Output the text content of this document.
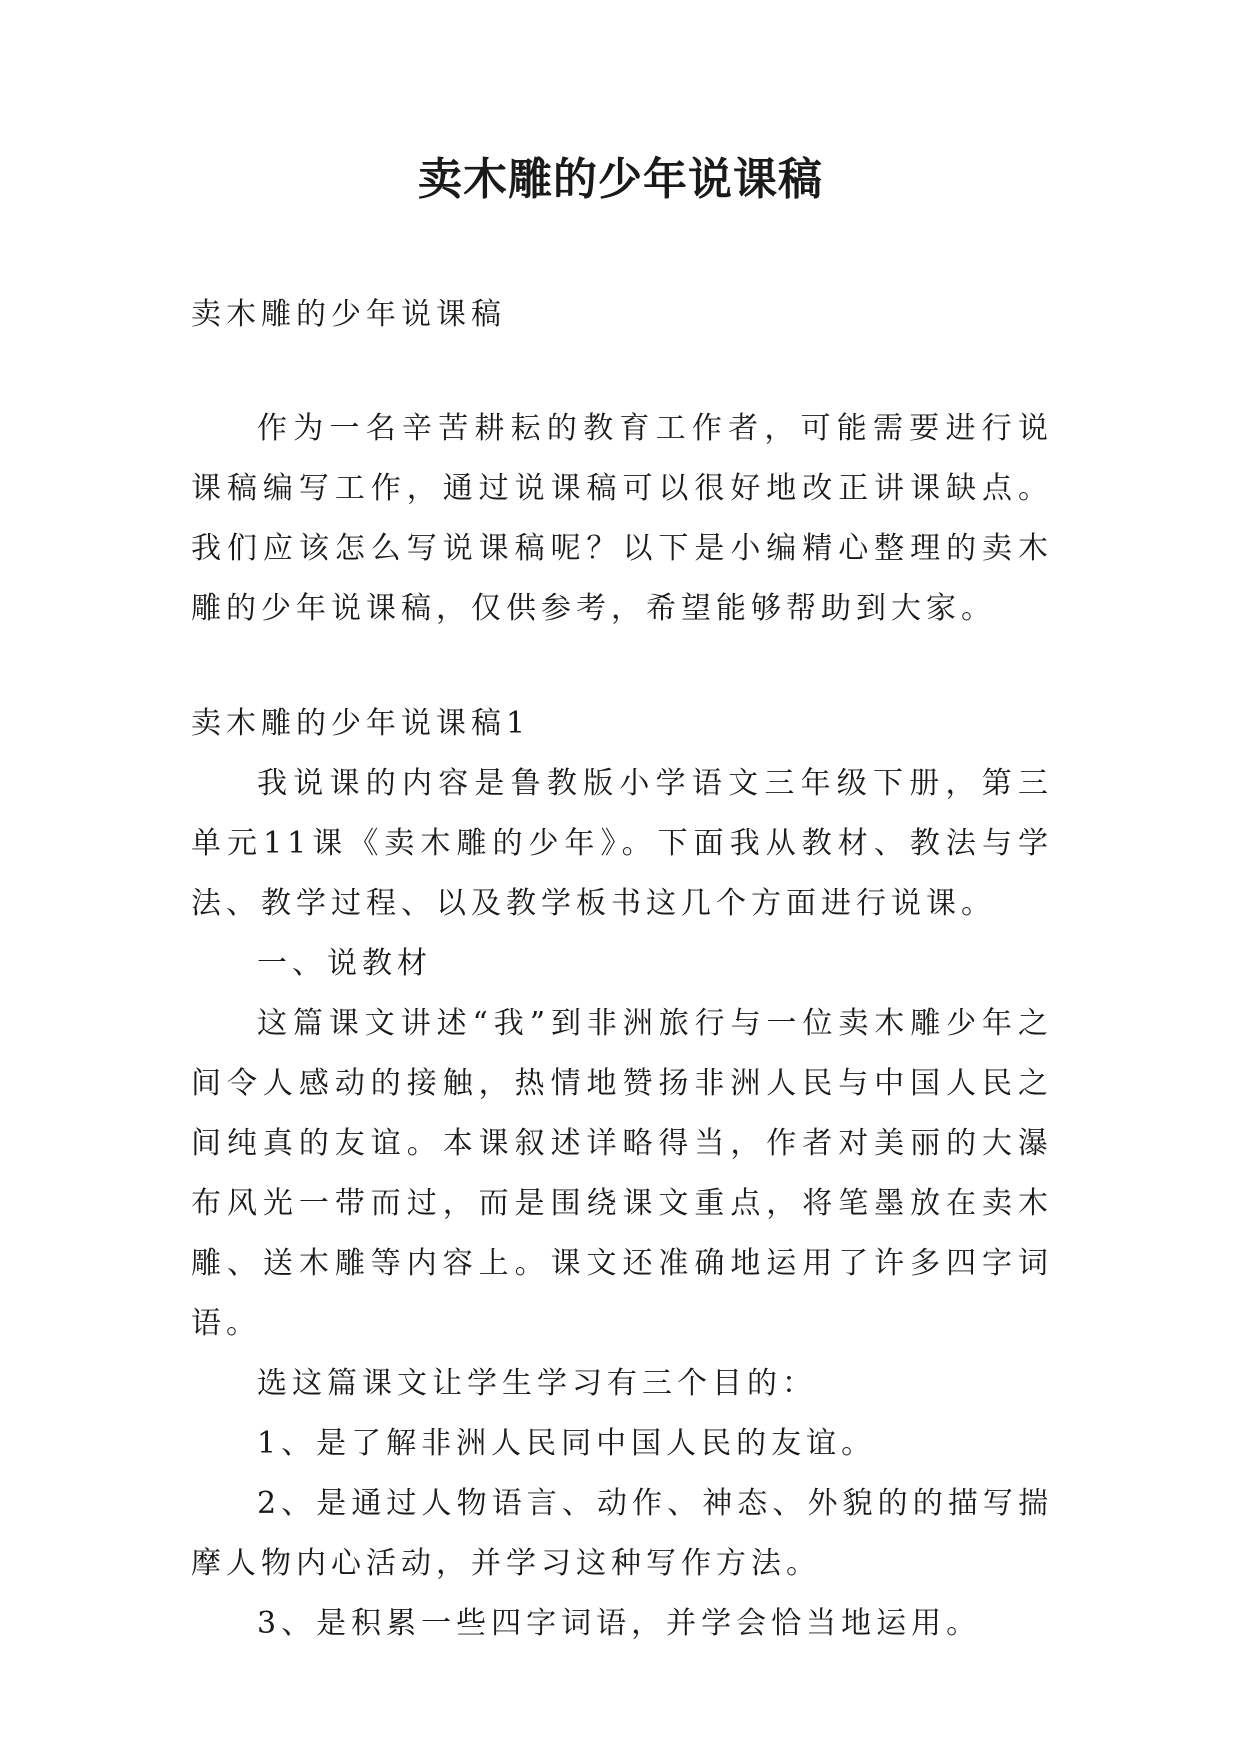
卖木雕的少年说课稿

卖木雕的少年说课稿

作为一名辛苦耕耘的教育工作者，可能需要进行说课稿编写工作，通过说课稿可以很好地改正讲课缺点。我们应该怎么写说课稿呢？以下是小编精心整理的卖木雕的少年说课稿，仅供参考，希望能够帮助到大家。

卖木雕的少年说课稿1

我说课的内容是鲁教版小学语文三年级下册，第三单元11课《卖木雕的少年》。下面我从教材、教法与学法、教学过程、以及教学板书这几个方面进行说课。

一、说教材

这篇课文讲述“我”到非洲旅行与一位卖木雕少年之间令人感动的接触，热情地赞扬非洲人民与中国人民之间纯真的友谊。本课叙述详略得当，作者对美丽的大瀑布风光一带而过，而是围绕课文重点，将笔墨放在卖木雕、送木雕等内容上。课文还准确地运用了许多四字词语。

选这篇课文让学生学习有三个目的：

1、是了解非洲人民同中国人民的友谊。

2、是通过人物语言、动作、神态、外貌的的描写揣摩人物内心活动，并学习这种写作方法。

3、是积累一些四字词语，并学会恰当地运用。
